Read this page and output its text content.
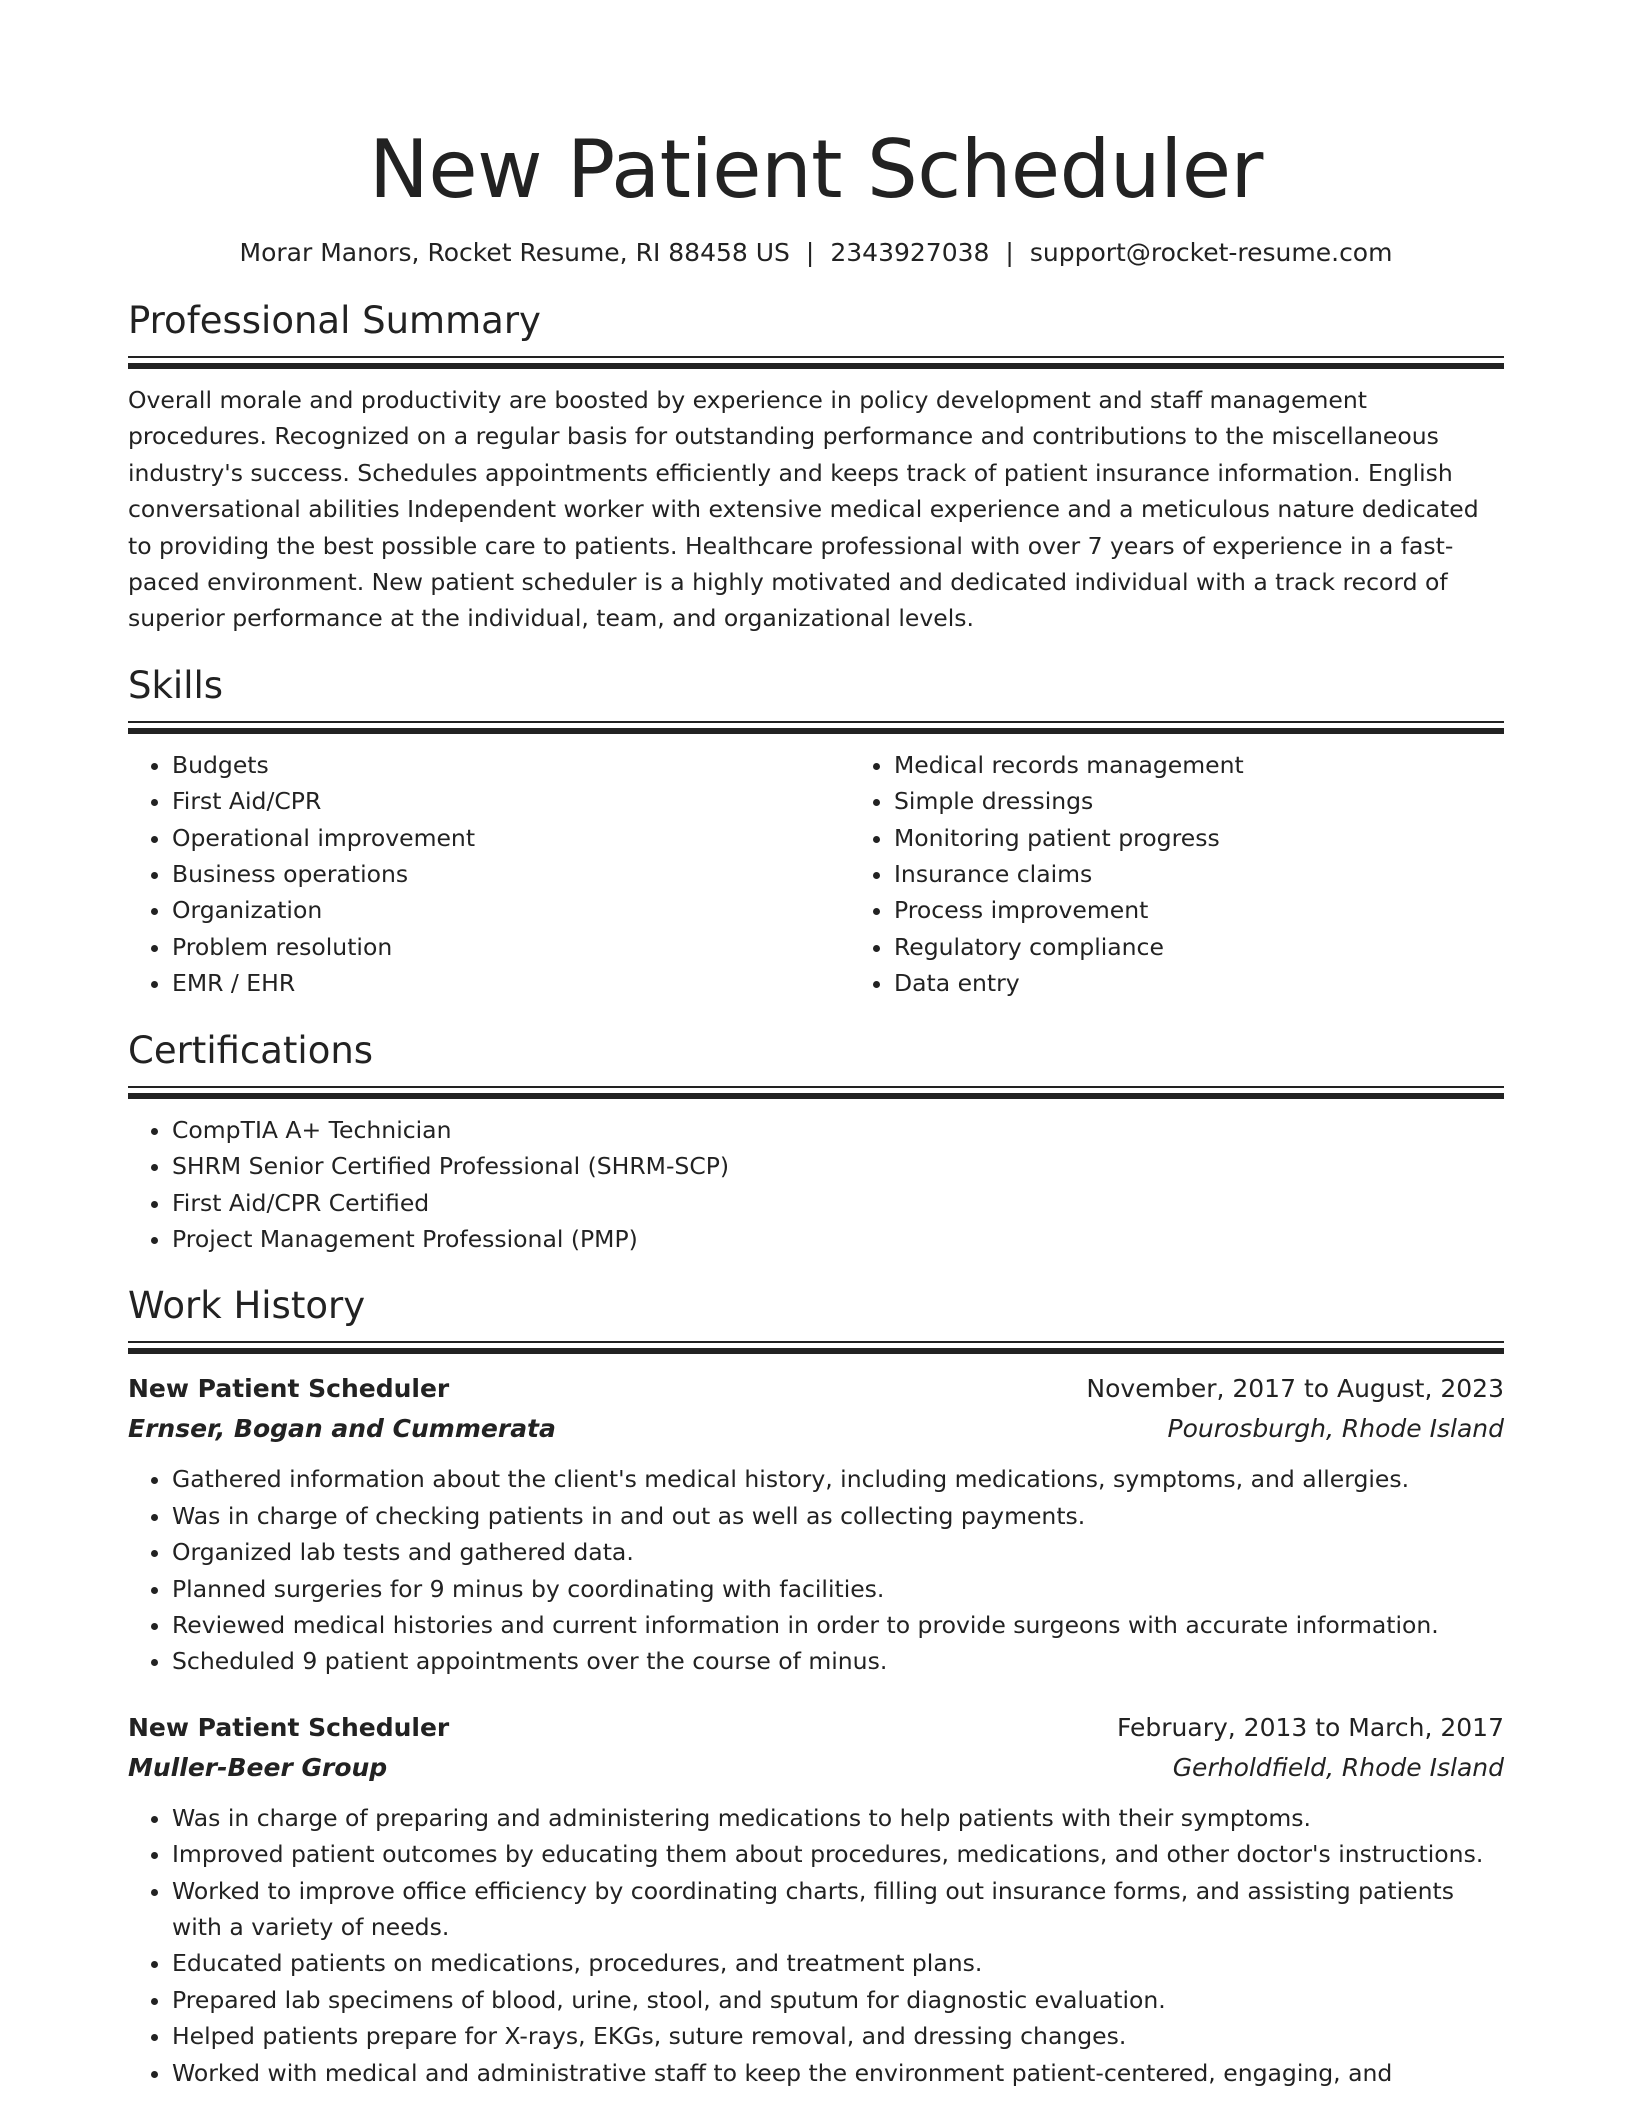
New Patient Scheduler
Morar Manors, Rocket Resume, RI 88458 US | 2343927038 | support@rocket-resume.com
Professional Summary

Overall morale and productivity are boosted by experience in policy development and staff management procedures. Recognized on a regular basis for outstanding performance and contributions to the miscellaneous industry's success. Schedules appointments efficiently and keeps track of patient insurance information. English conversational abilities Independent worker with extensive medical experience and a meticulous nature dedicated to providing the best possible care to patients. Healthcare professional with over 7 years of experience in a fast-paced environment. New patient scheduler is a highly motivated and dedicated individual with a track record of superior performance at the individual, team, and organizational levels.

Skills
• Budgets
• First Aid/CPR
• Operational improvement
• Business operations
• Organization
• Problem resolution
• EMR / EHR
• Medical records management
• Simple dressings
• Monitoring patient progress
• Insurance claims
• Process improvement
• Regulatory compliance
• Data entry
Certifications
• CompTIA A+ Technician
• SHRM Senior Certified Professional (SHRM-SCP)
• First Aid/CPR Certified
• Project Management Professional (PMP)
Work History
New Patient Scheduler	November, 2017 to August, 2023
Ernser, Bogan and Cummerata	Pourosburgh, Rhode Island
• Gathered information about the client's medical history, including medications, symptoms, and allergies.
• Was in charge of checking patients in and out as well as collecting payments.
• Organized lab tests and gathered data.
• Planned surgeries for 9 minus by coordinating with facilities.
• Reviewed medical histories and current information in order to provide surgeons with accurate information.
• Scheduled 9 patient appointments over the course of minus.
New Patient Scheduler	February, 2013 to March, 2017
Muller-Beer Group	Gerholdfield, Rhode Island
• Was in charge of preparing and administering medications to help patients with their symptoms.
• Improved patient outcomes by educating them about procedures, medications, and other doctor's instructions.
• Worked to improve office efficiency by coordinating charts, filling out insurance forms, and assisting patients with a variety of needs.
• Educated patients on medications, procedures, and treatment plans.
• Prepared lab specimens of blood, urine, stool, and sputum for diagnostic evaluation.
• Helped patients prepare for X-rays, EKGs, suture removal, and dressing changes.
• Worked with medical and administrative staff to keep the environment patient-centered, engaging, and
